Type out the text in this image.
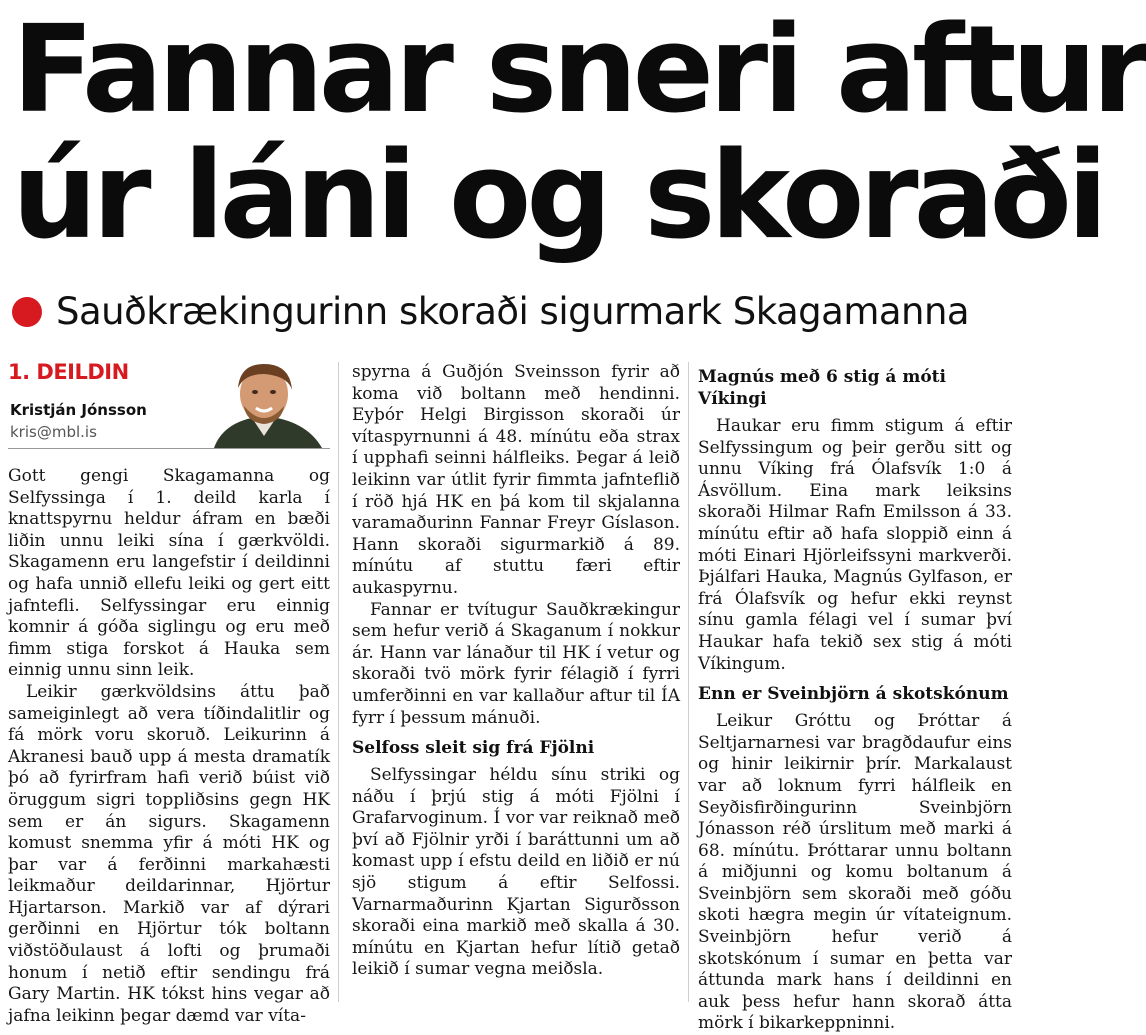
Fannar sneri aftur
úr láni og skoraði
Sauðkrækingurinn skoraði sigurmark Skagamanna
1. DEILDIN
Kristján Jónsson
kris@mbl.is

Gott gengi Skagamanna og Selfyssinga í 1. deild karla í knattspyrnu heldur áfram en bæði liðin unnu leiki sína í gærkvöldi. Skagamenn eru langefstir í deildinni og hafa unnið ellefu leiki og gert eitt jafntefli. Selfyssingar eru einnig komnir á góða siglingu og eru með fimm stiga forskot á Hauka sem einnig unnu sinn leik.

Leikir gærkvöldsins áttu það sameiginlegt að vera tíðindalitlir og fá mörk voru skoruð. Leikurinn á Akranesi bauð upp á mesta dramatík þó að fyrirfram hafi verið búist við öruggum sigri toppliðsins gegn HK sem er án sigurs. Skagamenn komust snemma yfir á móti HK og þar var á ferðinni markahæsti leikmaður deildarinnar, Hjörtur Hjartarson. Markið var af dýrari gerðinni en Hjörtur tók boltann viðstöðulaust á lofti og þrumaði honum í netið eftir sendingu frá Gary Martin. HK tókst hins vegar að jafna leikinn þegar dæmd var víta-

spyrna á Guðjón Sveinsson fyrir að koma við boltann með hendinni. Eyþór Helgi Birgisson skoraði úr vítaspyrnunni á 48. mínútu eða strax í upphafi seinni hálfleiks. Þegar á leið leikinn var útlit fyrir fimmta jafnteflið í röð hjá HK en þá kom til skjalanna varamaðurinn Fannar Freyr Gíslason. Hann skoraði sigurmarkið á 89. mínútu af stuttu færi eftir aukaspyrnu.

Fannar er tvítugur Sauðkrækingur sem hefur verið á Skaganum í nokkur ár. Hann var lánaður til HK í vetur og skoraði tvö mörk fyrir félagið í fyrri umferðinni en var kallaður aftur til ÍA fyrr í þessum mánuði.

Selfoss sleit sig frá Fjölni

Selfyssingar héldu sínu striki og náðu í þrjú stig á móti Fjölni í Grafarvoginum. Í vor var reiknað með því að Fjölnir yrði í baráttunni um að komast upp í efstu deild en liðið er nú sjö stigum á eftir Selfossi. Varnarmaðurinn Kjartan Sigurðsson skoraði eina markið með skalla á 30. mínútu en Kjartan hefur lítið getað leikið í sumar vegna meiðsla.

Magnús með 6 stig á móti Víkingi

Haukar eru fimm stigum á eftir Selfyssingum og þeir gerðu sitt og unnu Víking frá Ólafsvík 1:0 á Ásvöllum. Eina mark leiksins skoraði Hilmar Rafn Emilsson á 33. mínútu eftir að hafa sloppið einn á móti Einari Hjörleifssyni markverði. Þjálfari Hauka, Magnús Gylfason, er frá Ólafsvík og hefur ekki reynst sínu gamla félagi vel í sumar því Haukar hafa tekið sex stig á móti Víkingum.

Enn er Sveinbjörn á skotskónum

Leikur Gróttu og Þróttar á Seltjarnarnesi var bragðdaufur eins og hinir leikirnir þrír. Markalaust var að loknum fyrri hálfleik en Seyðisfirðingurinn Sveinbjörn Jónasson réð úrslitum með marki á 68. mínútu. Þróttarar unnu boltann á miðjunni og komu boltanum á Sveinbjörn sem skoraði með góðu skoti hægra megin úr vítateignum. Sveinbjörn hefur verið á skotskónum í sumar en þetta var áttunda mark hans í deildinni en auk þess hefur hann skorað átta mörk í bikarkeppninni.
